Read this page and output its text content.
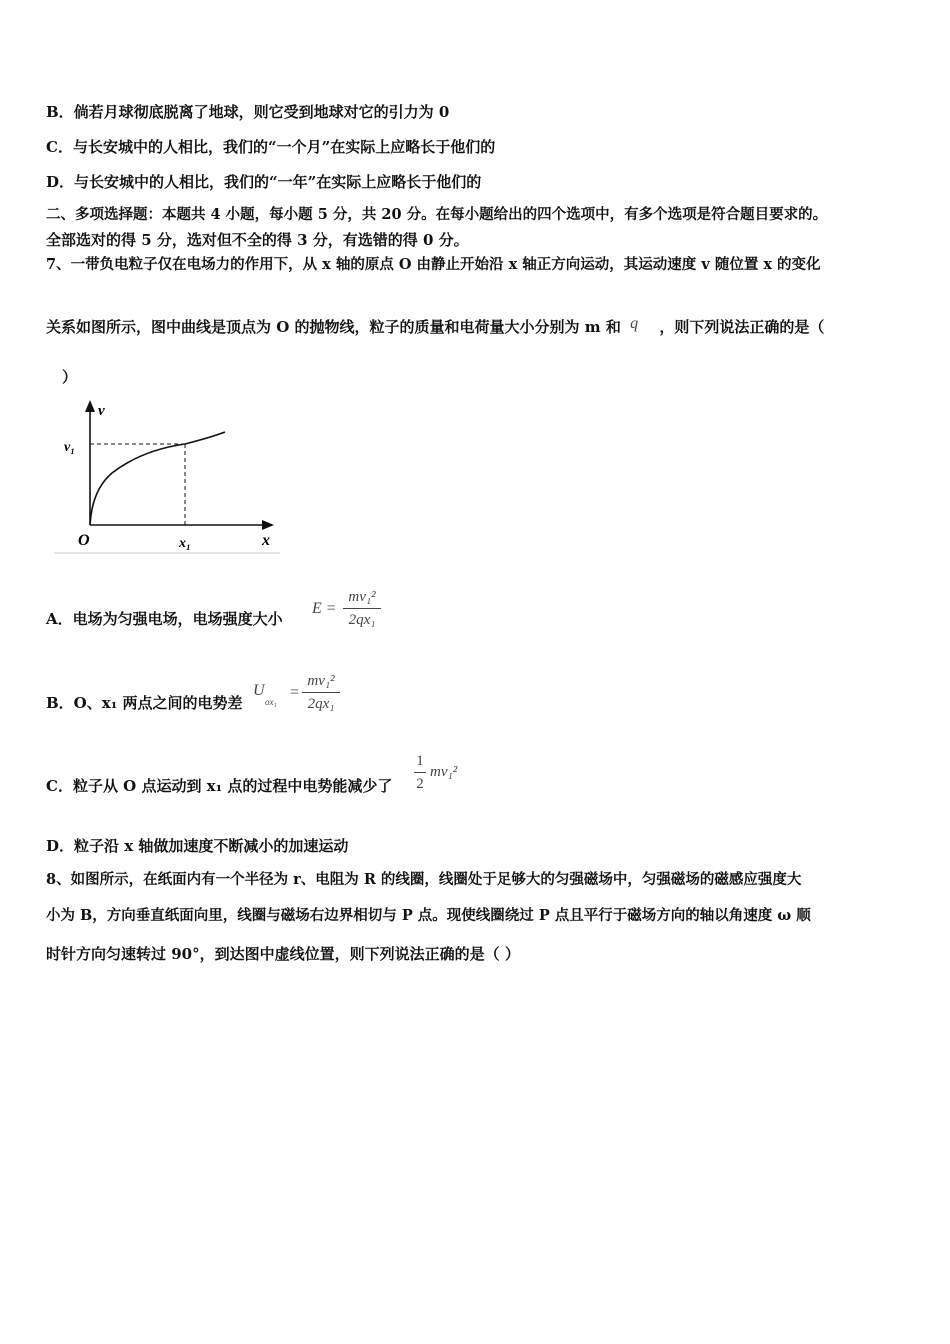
B．倘若月球彻底脱离了地球，则它受到地球对它的引力为 0
C．与长安城中的人相比，我们的“一个月”在实际上应略长于他们的
D．与长安城中的人相比，我们的“一年”在实际上应略长于他们的
二、多项选择题：本题共 4 小题，每小题 5 分，共 20 分。在每小题给出的四个选项中，有多个选项是符合题目要求的。
全部选对的得 5 分，选对但不全的得 3 分，有选错的得 0 分。
7、一带负电粒子仅在电场力的作用下，从 x 轴的原点 O 由静止开始沿 x 轴正方向运动，其运动速度 v 随位置 x 的变化
关系如图所示，图中曲线是顶点为 O 的抛物线，粒子的质量和电荷量大小分别为 m 和 q ，则下列说法正确的是（
）
v
v₁
O	x₁	x
A．电场为匀强电场，电场强度大小
E =
mv₁²
2qx₁
B．O、x₁ 两点之间的电势差
U
ox₁
=
mv₁²
2qx₁
C．粒子从 O 点运动到 x₁ 点的过程中电势能减少了
1
2
mv₁²
D．粒子沿 x 轴做加速度不断减小的加速运动
8、如图所示，在纸面内有一个半径为 r、电阻为 R 的线圈，线圈处于足够大的匀强磁场中，匀强磁场的磁感应强度大
小为 B，方向垂直纸面向里，线圈与磁场右边界相切与 P 点。现使线圈绕过 P 点且平行于磁场方向的轴以角速度 ω 顺
时针方向匀速转过 90°，到达图中虚线位置，则下列说法正确的是（ ）
